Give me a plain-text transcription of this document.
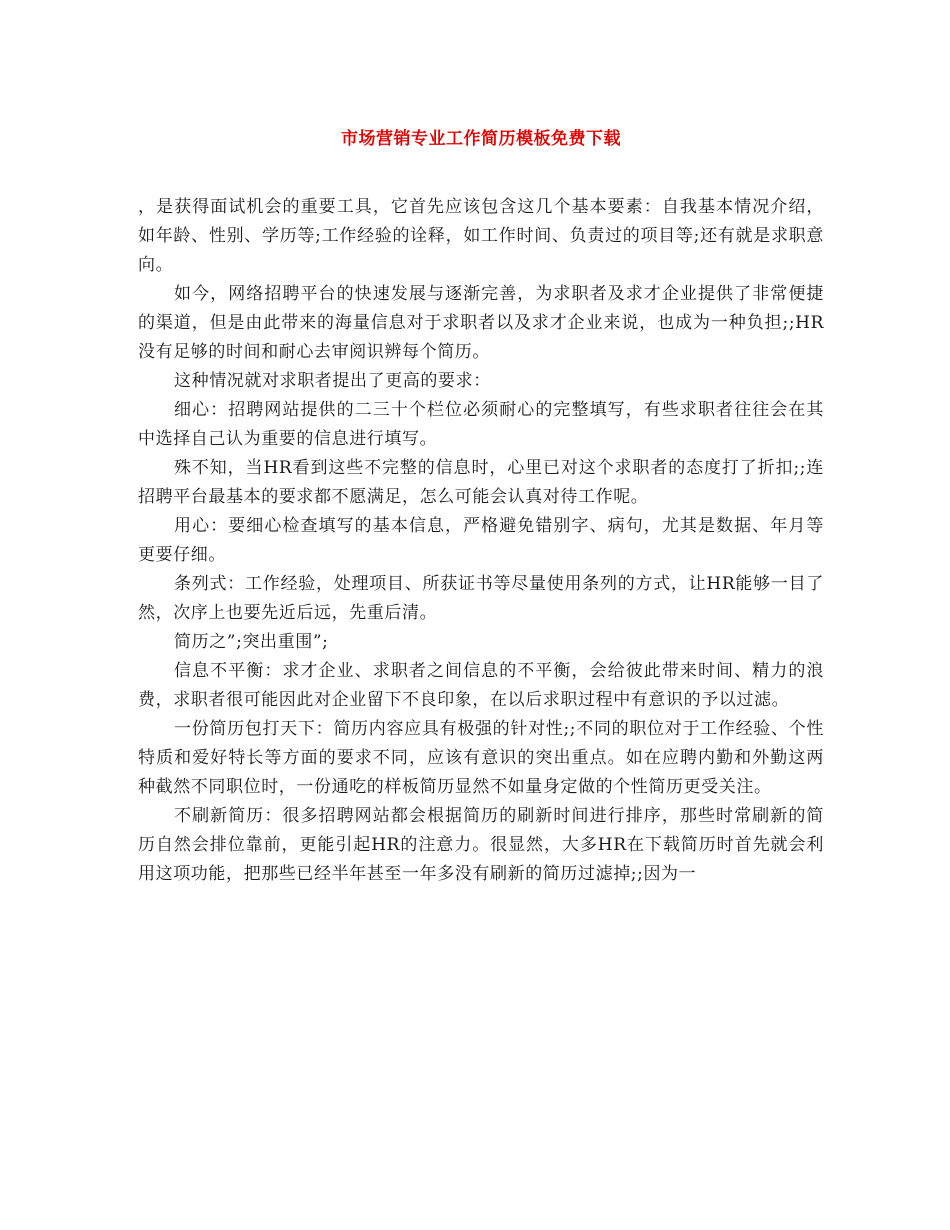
市场营销专业工作简历模板免费下载

，是获得面试机会的重要工具，它首先应该包含这几个基本要素：自我基本情况介绍，如年龄、性别、学历等;工作经验的诠释，如工作时间、负责过的项目等;还有就是求职意向。

如今，网络招聘平台的快速发展与逐渐完善，为求职者及求才企业提供了非常便捷的渠道，但是由此带来的海量信息对于求职者以及求才企业来说，也成为一种负担;;HR没有足够的时间和耐心去审阅识辨每个简历。

这种情况就对求职者提出了更高的要求：

细心：招聘网站提供的二三十个栏位必须耐心的完整填写，有些求职者往往会在其中选择自己认为重要的信息进行填写。

殊不知，当HR看到这些不完整的信息时，心里已对这个求职者的态度打了折扣;;连招聘平台最基本的要求都不愿满足，怎么可能会认真对待工作呢。

用心：要细心检查填写的基本信息，严格避免错别字、病句，尤其是数据、年月等更要仔细。

条列式：工作经验，处理项目、所获证书等尽量使用条列的方式，让HR能够一目了然，次序上也要先近后远，先重后清。

简历之”;突出重围”;

信息不平衡：求才企业、求职者之间信息的不平衡，会给彼此带来时间、精力的浪费，求职者很可能因此对企业留下不良印象，在以后求职过程中有意识的予以过滤。

一份简历包打天下：简历内容应具有极强的针对性;;不同的职位对于工作经验、个性特质和爱好特长等方面的要求不同，应该有意识的突出重点。如在应聘内勤和外勤这两种截然不同职位时，一份通吃的样板简历显然不如量身定做的个性简历更受关注。

不刷新简历：很多招聘网站都会根据简历的刷新时间进行排序，那些时常刷新的简历自然会排位靠前，更能引起HR的注意力。很显然，大多HR在下载简历时首先就会利用这项功能，把那些已经半年甚至一年多没有刷新的简历过滤掉;;因为一
